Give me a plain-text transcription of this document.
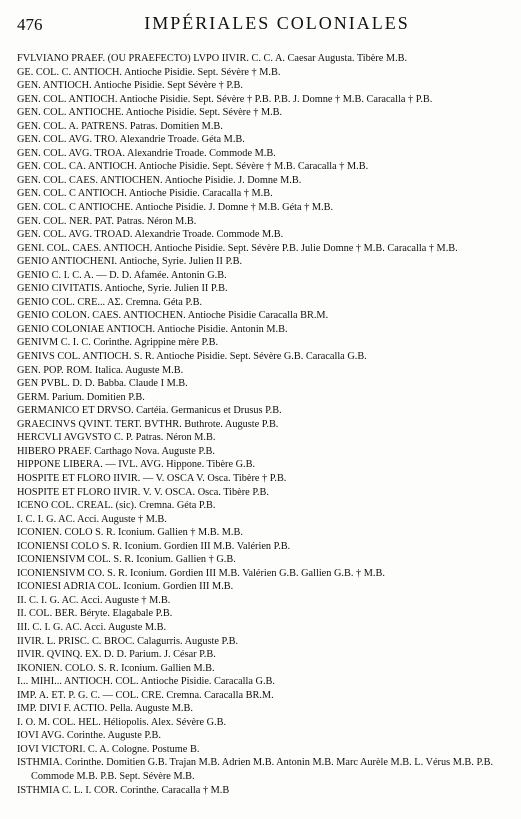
476	IMPÉRIALES COLONIALES
FVLVIANO PRAEF. (OU PRAEFECTO) LVPO IIVIR. C. C. A. Caesar Augusta. Tibère M.B.
GE. COL. C. ANTIOCH. Antioche Pisidie. Sept. Sévère † M.B.
GEN. ANTIOCH. Antioche Pisidie. Sept Sévère † P.B.
GEN. COL. ANTIOCH. Antioche Pisidie. Sept. Sévère † P.B. P.B. J. Domne † M.B. Caracalla † P.B.
GEN. COL. ANTIOCHE. Antioche Pisidie. Sept. Sévère † M.B.
GEN. COL. A. PATRENS. Patras. Domitien M.B.
GEN. COL. AVG. TRO. Alexandrie Troade. Géta M.B.
GEN. COL. AVG. TROA. Alexandrie Troade. Commode M.B.
GEN. COL. CA. ANTIOCH. Antioche Pisidie. Sept. Sévère † M.B. Caracalla † M.B.
GEN. COL. CAES. ANTIOCHEN. Antioche Pisidie. J. Domne M.B.
GEN. COL. C ANTIOCH. Antioche Pisidie. Caracalla † M.B.
GEN. COL. C ANTIOCHE. Antioche Pisidie. J. Domne † M.B. Géta † M.B.
GEN. COL. NER. PAT. Patras. Néron M.B.
GEN. COL. AVG. TROAD. Alexandrie Troade. Commode M.B.
GENI. COL. CAES. ANTIOCH. Antioche Pisidie. Sept. Sévère P.B. Julie Domne † M.B. Caracalla † M.B.
GENIO ANTIOCHENI. Antioche, Syrie. Julien II P.B.
GENIO C. I. C. A. — D. D. Afamée. Antonin G.B.
GENIO CIVITATIS. Antioche, Syrie. Julien II P.B.
GENIO COL. CRE... AΣ. Cremna. Géta P.B.
GENIO COLON. CAES. ANTIOCHEN. Antioche Pisidie Caracalla BR.M.
GENIO COLONIAE ANTIOCH. Antioche Pisidie. Antonin M.B.
GENIVM C. I. C. Corinthe. Agrippine mère P.B.
GENIVS COL. ANTIOCH. S. R. Antioche Pisidie. Sept. Sévère G.B. Caracalla G.B.
GEN. POP. ROM. Italica. Auguste M.B.
GEN PVBL. D. D. Babba. Claude I M.B.
GERM. Parium. Domitien P.B.
GERMANICO ET DRVSO. Cartéia. Germanicus et Drusus P.B.
GRAECINVS QVINT. TERT. BVTHR. Buthrote. Auguste P.B.
HERCVLI AVGVSTO C. P. Patras. Néron M.B.
HIBERO PRAEF. Carthago Nova. Auguste P.B.
HIPPONE LIBERA. — IVL. AVG. Hippone. Tibère G.B.
HOSPITE ET FLORO IIVIR. — V. OSCA V. Osca. Tibère † P.B.
HOSPITE ET FLORO IIVIR. V. V. OSCA. Osca. Tibère P.B.
ICENO COL. CREAL. (sic). Cremna. Géta P.B.
I. C. I. G. AC. Acci. Auguste † M.B.
ICONIEN. COLO S. R. Iconium. Gallien † M.B. M.B.
ICONIENSI COLO S. R. Iconium. Gordien III M.B. Valérien P.B.
ICONIENSIVM COL. S. R. Iconium. Gallien † G.B.
ICONIENSIVM CO. S. R. Iconium. Gordien III M.B. Valérien G.B. Gallien G.B. † M.B.
ICONIESI ADRIA COL. Iconium. Gordien III M.B.
II. C. I. G. AC. Acci. Auguste † M.B.
II. COL. BER. Béryte. Elagabale P.B.
III. C. I. G. AC. Acci. Auguste M.B.
IIVIR. L. PRISC. C. BROC. Calagurris. Auguste P.B.
IIVIR. QVINQ. EX. D. D. Parium. J. César P.B.
IKONIEN. COLO. S. R. Iconium. Gallien M.B.
I... MIHI... ANTIOCH. COL. Antioche Pisidie. Caracalla G.B.
IMP. A. ET. P. G. C. — COL. CRE. Cremna. Caracalla BR.M.
IMP. DIVI F. ACTIO. Pella. Auguste M.B.
I. O. M. COL. HEL. Héliopolis. Alex. Sévère G.B.
IOVI AVG. Corinthe. Auguste P.B.
IOVI VICTORI. C. A. Cologne. Postume B.
ISTHMIA. Corinthe. Domitien G.B. Trajan M.B. Adrien M.B. Antonin M.B. Marc Aurèle M.B. L. Vérus M.B. P.B. Commode M.B. P.B. Sept. Sévère M.B.
ISTHMIA C. L. I. COR. Corinthe. Caracalla † M.B
